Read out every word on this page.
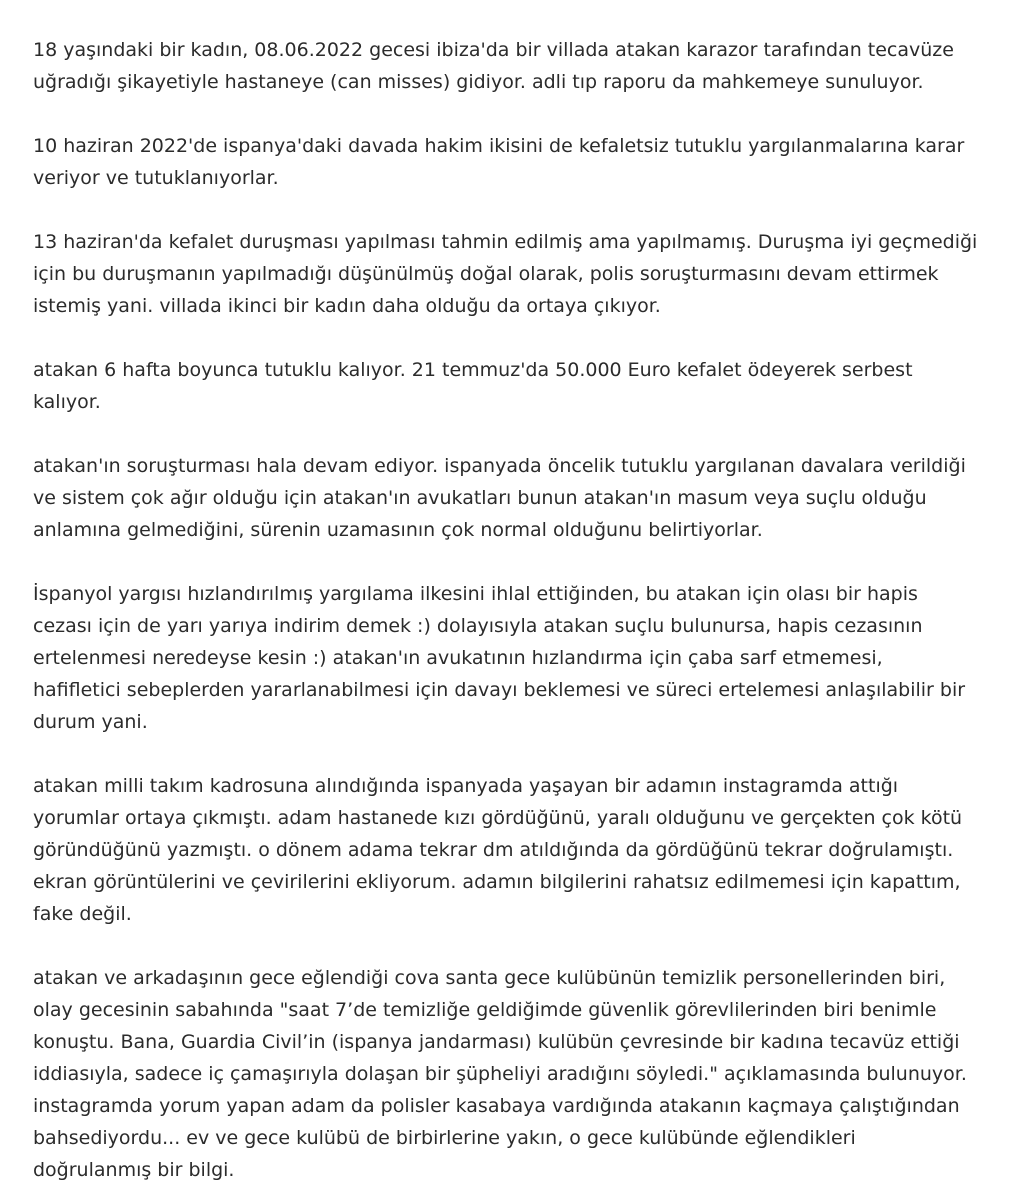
18 yaşındaki bir kadın, 08.06.2022 gecesi ibiza'da bir villada atakan karazor tarafından tecavüze
uğradığı şikayetiyle hastaneye (can misses) gidiyor. adli tıp raporu da mahkemeye sunuluyor.
10 haziran 2022'de ispanya'daki davada hakim ikisini de kefaletsiz tutuklu yargılanmalarına karar
veriyor ve tutuklanıyorlar.
13 haziran'da kefalet duruşması yapılması tahmin edilmiş ama yapılmamış. Duruşma iyi geçmediği
için bu duruşmanın yapılmadığı düşünülmüş doğal olarak, polis soruşturmasını devam ettirmek
istemiş yani. villada ikinci bir kadın daha olduğu da ortaya çıkıyor.
atakan 6 hafta boyunca tutuklu kalıyor. 21 temmuz'da 50.000 Euro kefalet ödeyerek serbest
kalıyor.
atakan'ın soruşturması hala devam ediyor. ispanyada öncelik tutuklu yargılanan davalara verildiği
ve sistem çok ağır olduğu için atakan'ın avukatları bunun atakan'ın masum veya suçlu olduğu
anlamına gelmediğini, sürenin uzamasının çok normal olduğunu belirtiyorlar.
İspanyol yargısı hızlandırılmış yargılama ilkesini ihlal ettiğinden, bu atakan için olası bir hapis
cezası için de yarı yarıya indirim demek :) dolayısıyla atakan suçlu bulunursa, hapis cezasının
ertelenmesi neredeyse kesin :) atakan'ın avukatının hızlandırma için çaba sarf etmemesi,
hafifletici sebeplerden yararlanabilmesi için davayı beklemesi ve süreci ertelemesi anlaşılabilir bir
durum yani.
atakan milli takım kadrosuna alındığında ispanyada yaşayan bir adamın instagramda attığı
yorumlar ortaya çıkmıştı. adam hastanede kızı gördüğünü, yaralı olduğunu ve gerçekten çok kötü
göründüğünü yazmıştı. o dönem adama tekrar dm atıldığında da gördüğünü tekrar doğrulamıştı.
ekran görüntülerini ve çevirilerini ekliyorum. adamın bilgilerini rahatsız edilmemesi için kapattım,
fake değil.
atakan ve arkadaşının gece eğlendiği cova santa gece kulübünün temizlik personellerinden biri,
olay gecesinin sabahında "saat 7’de temizliğe geldiğimde güvenlik görevlilerinden biri benimle
konuştu. Bana, Guardia Civil’in (ispanya jandarması) kulübün çevresinde bir kadına tecavüz ettiği
iddiasıyla, sadece iç çamaşırıyla dolaşan bir şüpheliyi aradığını söyledi." açıklamasında bulunuyor.
instagramda yorum yapan adam da polisler kasabaya vardığında atakanın kaçmaya çalıştığından
bahsediyordu... ev ve gece kulübü de birbirlerine yakın, o gece kulübünde eğlendikleri
doğrulanmış bir bilgi.
